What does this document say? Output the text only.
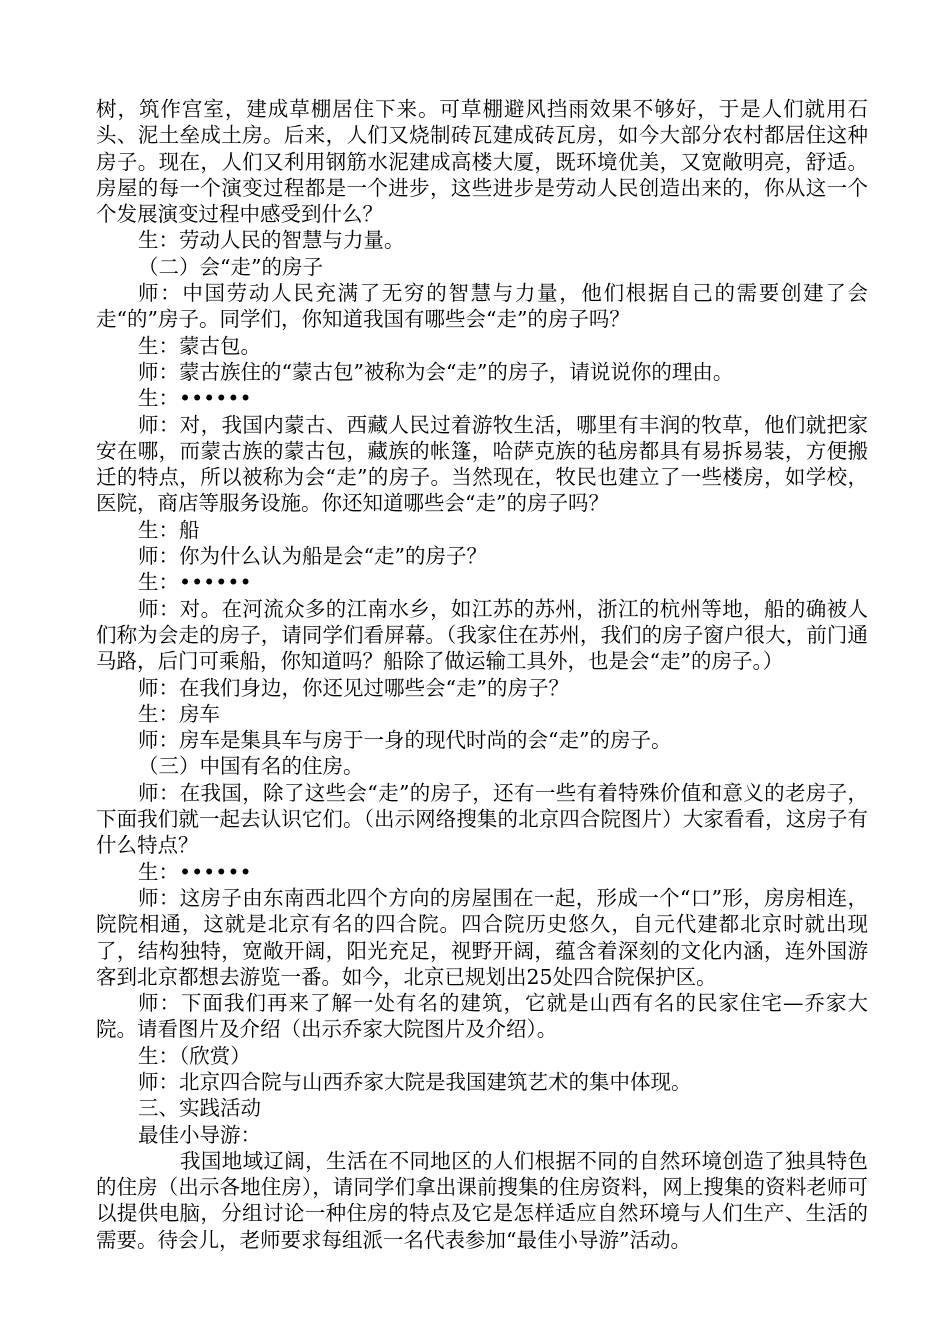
树，筑作宫室，建成草棚居住下来。可草棚避风挡雨效果不够好，于是人们就用石头、泥土垒成土房。后来，人们又烧制砖瓦建成砖瓦房，如今大部分农村都居住这种房子。现在，人们又利用钢筋水泥建成高楼大厦，既环境优美，又宽敞明亮，舒适。房屋的每一个演变过程都是一个进步，这些进步是劳动人民创造出来的，你从这一个个发展演变过程中感受到什么？

生：劳动人民的智慧与力量。

（二）会“走”的房子

师：中国劳动人民充满了无穷的智慧与力量，他们根据自己的需要创建了会走“的”房子。同学们，你知道我国有哪些会“走”的房子吗？

生：蒙古包。

师：蒙古族住的“蒙古包”被称为会“走”的房子，请说说你的理由。

生：••••••

师：对，我国内蒙古、西藏人民过着游牧生活，哪里有丰润的牧草，他们就把家安在哪，而蒙古族的蒙古包，藏族的帐篷，哈萨克族的毡房都具有易拆易装，方便搬迁的特点，所以被称为会“走”的房子。当然现在，牧民也建立了一些楼房，如学校，医院，商店等服务设施。你还知道哪些会“走”的房子吗？

生：船

师：你为什么认为船是会“走”的房子？

生：••••••

师：对。在河流众多的江南水乡，如江苏的苏州，浙江的杭州等地，船的确被人们称为会走的房子，请同学们看屏幕。（我家住在苏州，我们的房子窗户很大，前门通马路，后门可乘船，你知道吗？船除了做运输工具外，也是会“走”的房子。）

师：在我们身边，你还见过哪些会“走”的房子？

生：房车

师：房车是集具车与房于一身的现代时尚的会“走”的房子。

（三）中国有名的住房。

师：在我国，除了这些会“走”的房子，还有一些有着特殊价值和意义的老房子，下面我们就一起去认识它们。（出示网络搜集的北京四合院图片）大家看看，这房子有什么特点？

生：••••••

师：这房子由东南西北四个方向的房屋围在一起，形成一个“口”形，房房相连，院院相通，这就是北京有名的四合院。四合院历史悠久，自元代建都北京时就出现了，结构独特，宽敞开阔，阳光充足，视野开阔，蕴含着深刻的文化内涵，连外国游客到北京都想去游览一番。如今，北京已规划出25处四合院保护区。

师：下面我们再来了解一处有名的建筑，它就是山西有名的民家住宅—乔家大院。请看图片及介绍（出示乔家大院图片及介绍）。

生：（欣赏）

师：北京四合院与山西乔家大院是我国建筑艺术的集中体现。

三、实践活动

最佳小导游：

我国地域辽阔，生活在不同地区的人们根据不同的自然环境创造了独具特色的住房（出示各地住房），请同学们拿出课前搜集的住房资料，网上搜集的资料老师可以提供电脑，分组讨论一种住房的特点及它是怎样适应自然环境与人们生产、生活的需要。待会儿，老师要求每组派一名代表参加“最佳小导游”活动。
